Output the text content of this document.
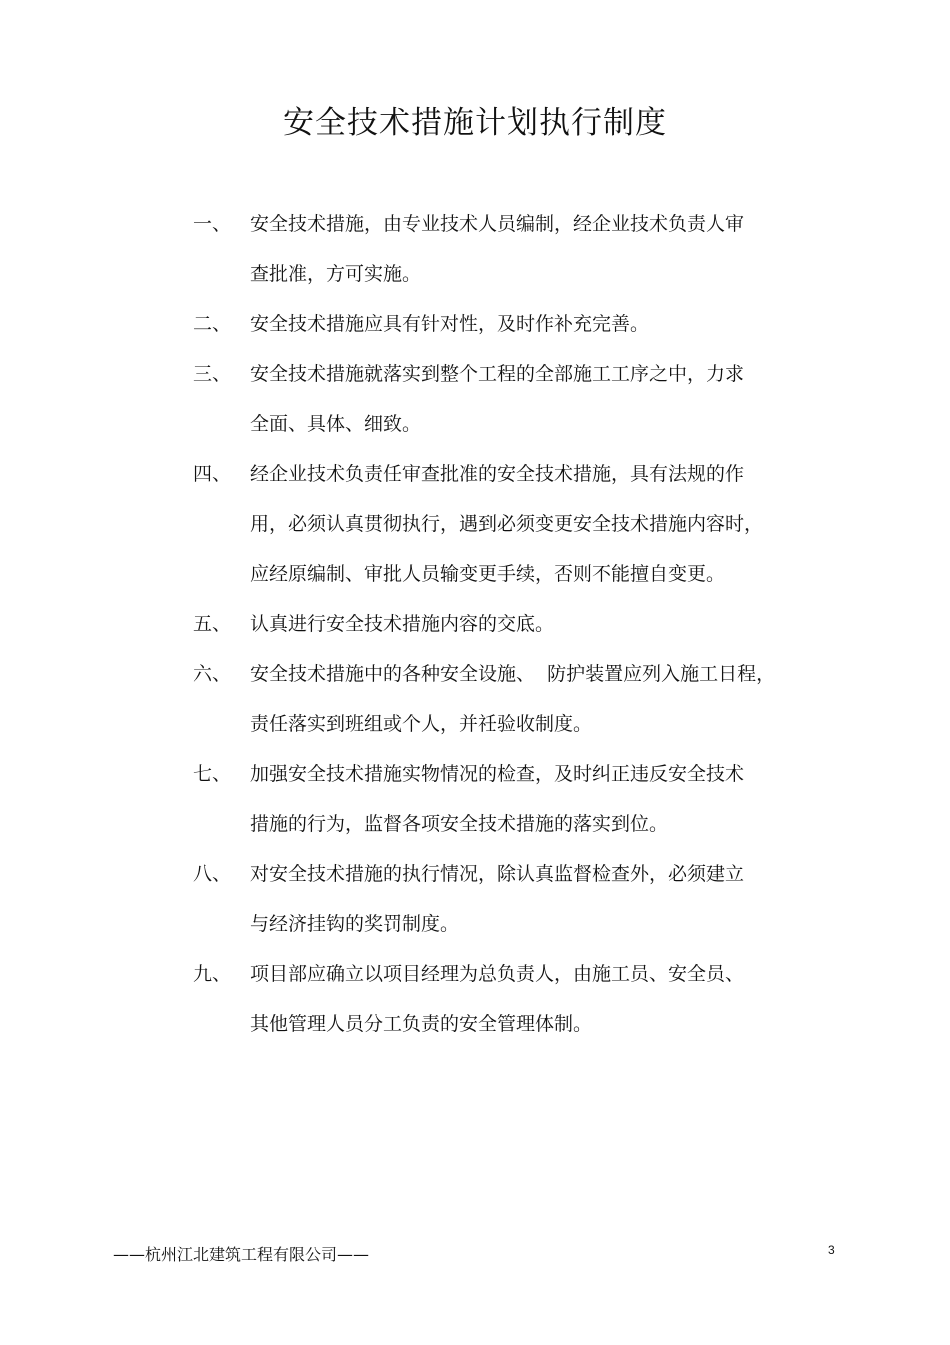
安全技术措施计划执行制度
一、 安全技术措施，由专业技术人员编制，经企业技术负责人审
查批准，方可实施。
二、 安全技术措施应具有针对性，及时作补充完善。
三、 安全技术措施就落实到整个工程的全部施工工序之中，力求
全面、具体、细致。
四、 经企业技术负责任审查批准的安全技术措施，具有法规的作
用，必须认真贯彻执行，遇到必须变更安全技术措施内容时，
应经原编制、审批人员输变更手续，否则不能擅自变更。
五、 认真进行安全技术措施内容的交底。
六、 安全技术措施中的各种安全设施、  防护装置应列入施工日程，
责任落实到班组或个人，并祍验收制度。
七、 加强安全技术措施实物情况的检查，及时纠正违反安全技术
措施的行为，监督各项安全技术措施的落实到位。
八、 对安全技术措施的执行情况，除认真监督检查外，必须建立
与经济挂钩的奖罚制度。
九、 项目部应确立以项目经理为总负责人，由施工员、安全员、
其他管理人员分工负责的安全管理体制。
——杭州江北建筑工程有限公司——	3
